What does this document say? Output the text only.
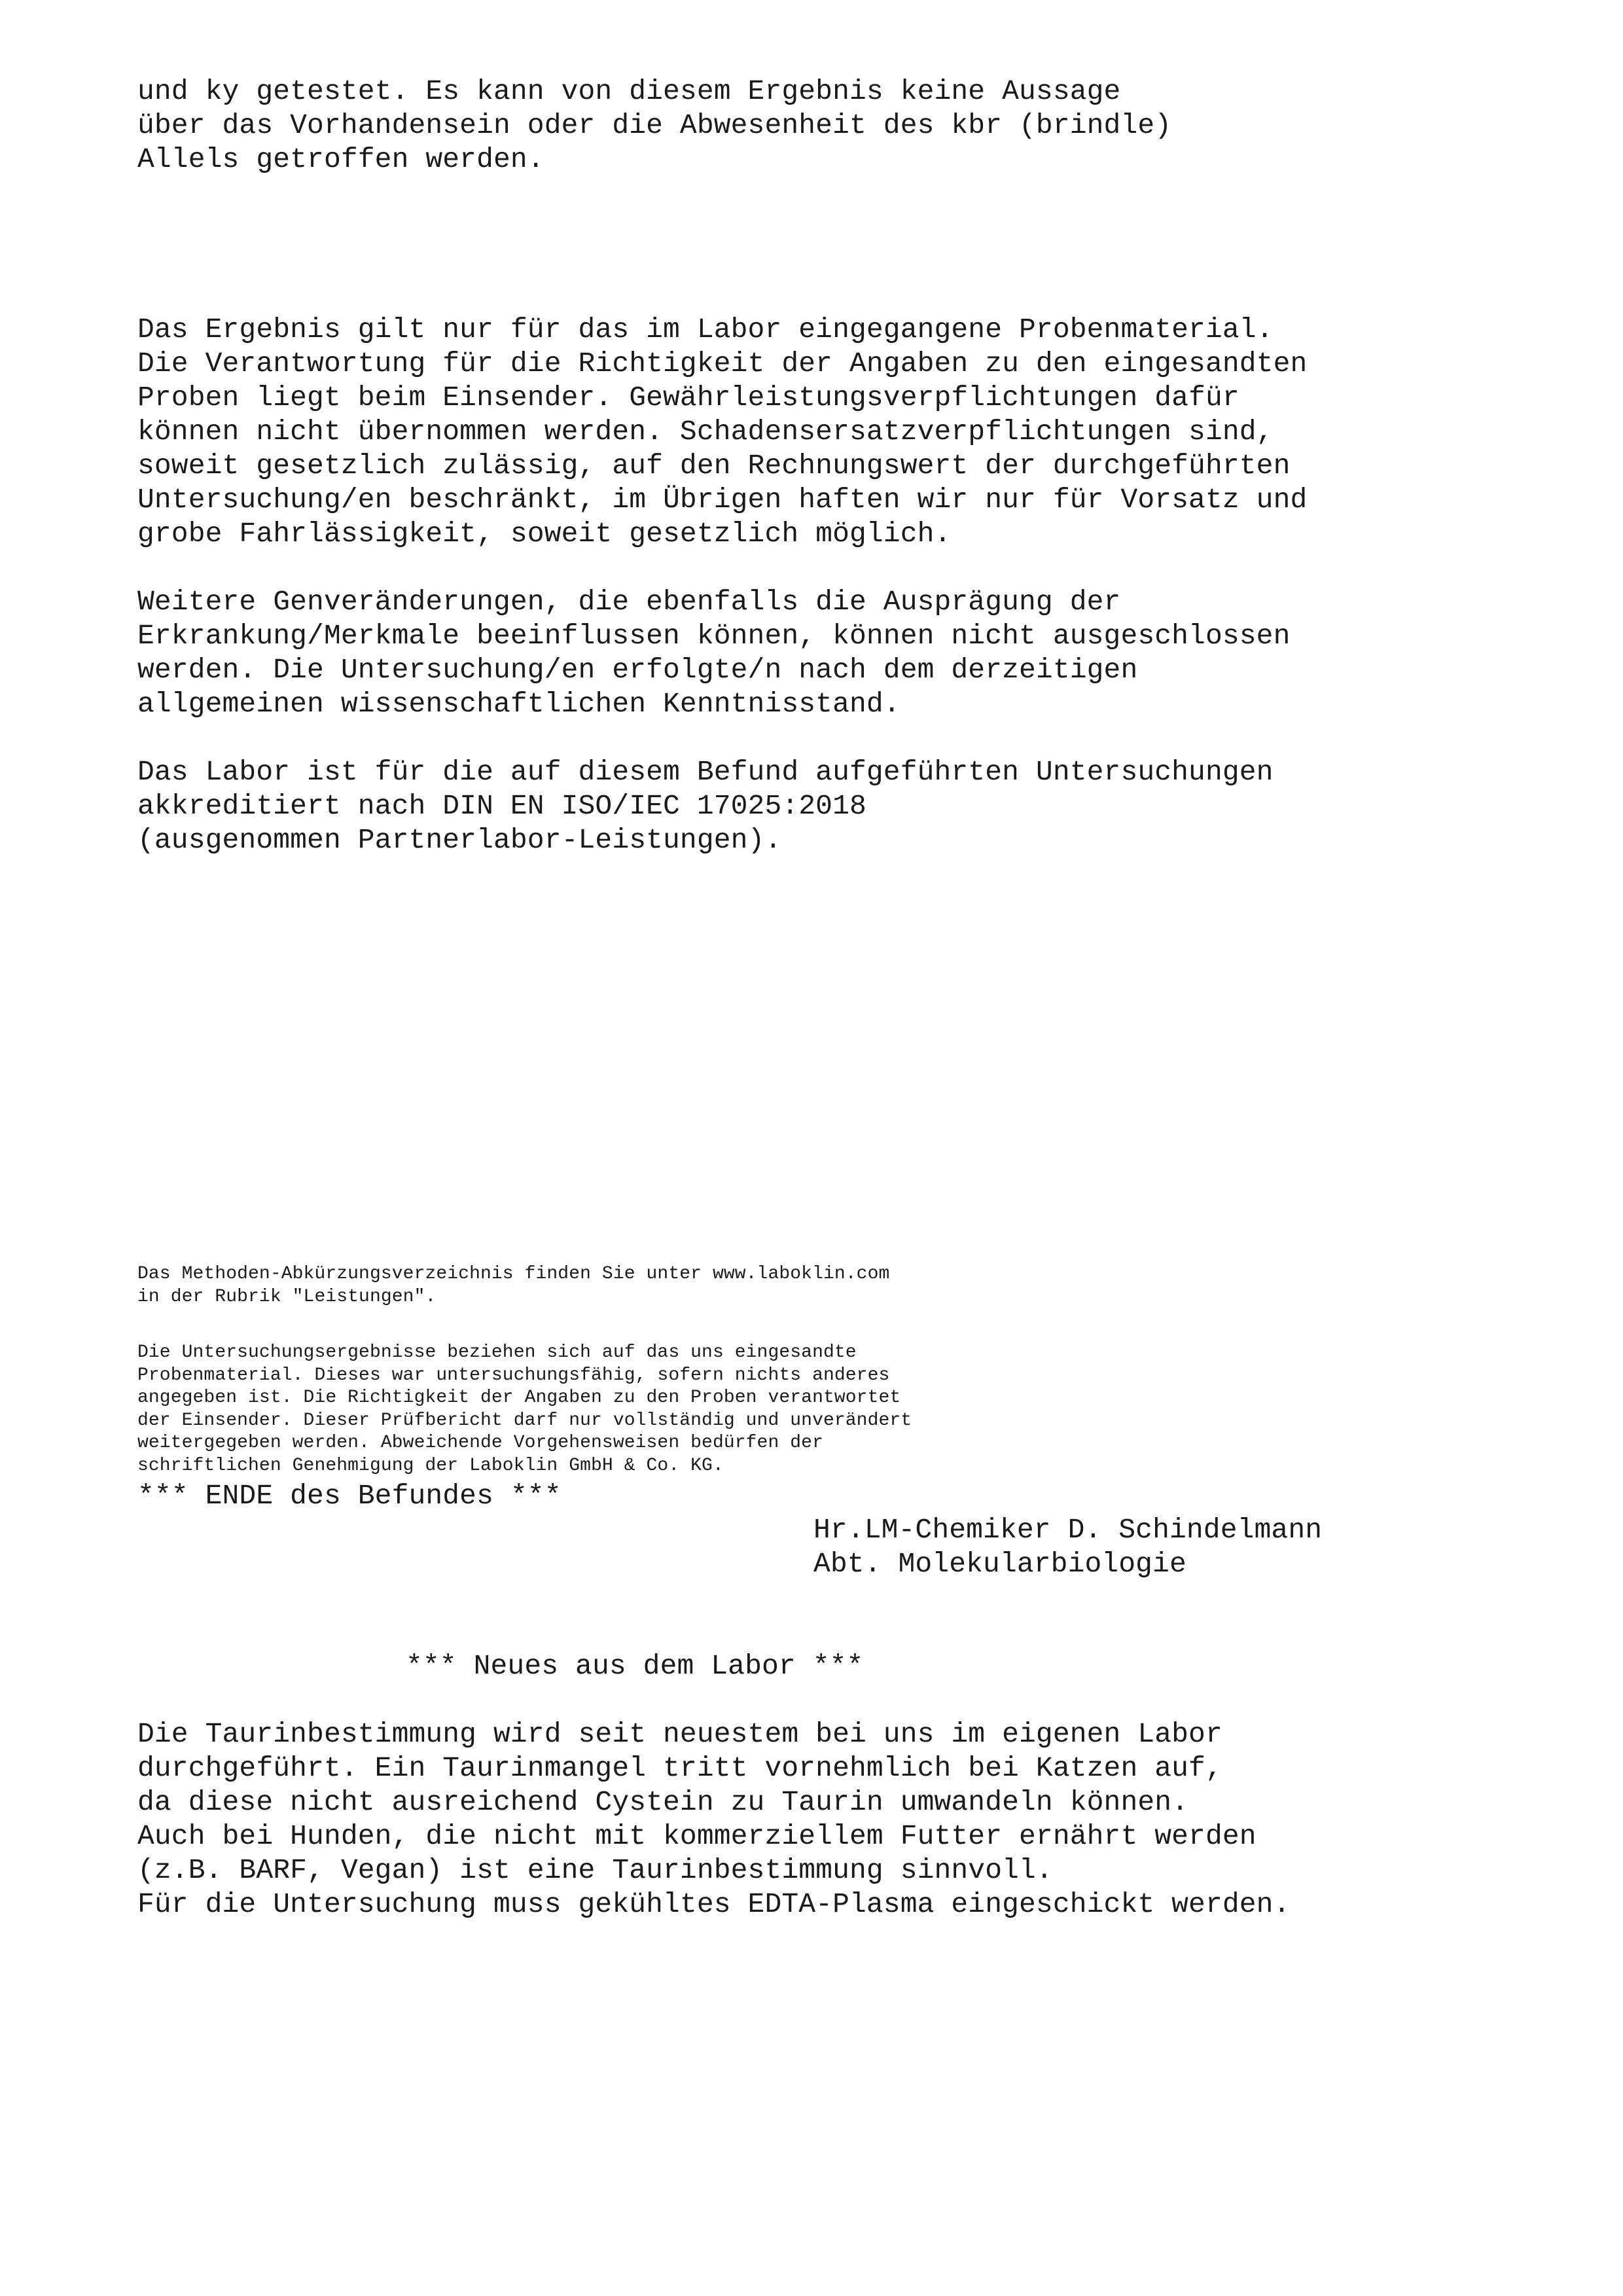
und ky getestet. Es kann von diesem Ergebnis keine Aussage
über das Vorhandensein oder die Abwesenheit des kbr (brindle)
Allels getroffen werden.
Das Ergebnis gilt nur für das im Labor eingegangene Probenmaterial.
Die Verantwortung für die Richtigkeit der Angaben zu den eingesandten
Proben liegt beim Einsender. Gewährleistungsverpflichtungen dafür
können nicht übernommen werden. Schadensersatzverpflichtungen sind,
soweit gesetzlich zulässig, auf den Rechnungswert der durchgeführten
Untersuchung/en beschränkt, im Übrigen haften wir nur für Vorsatz und
grobe Fahrlässigkeit, soweit gesetzlich möglich.
Weitere Genveränderungen, die ebenfalls die Ausprägung der
Erkrankung/Merkmale beeinflussen können, können nicht ausgeschlossen
werden. Die Untersuchung/en erfolgte/n nach dem derzeitigen
allgemeinen wissenschaftlichen Kenntnisstand.
Das Labor ist für die auf diesem Befund aufgeführten Untersuchungen
akkreditiert nach DIN EN ISO/IEC 17025:2018
(ausgenommen Partnerlabor-Leistungen).
Das Methoden-Abkürzungsverzeichnis finden Sie unter www.laboklin.com
in der Rubrik "Leistungen".
Die Untersuchungsergebnisse beziehen sich auf das uns eingesandte
Probenmaterial. Dieses war untersuchungsfähig, sofern nichts anderes
angegeben ist. Die Richtigkeit der Angaben zu den Proben verantwortet
der Einsender. Dieser Prüfbericht darf nur vollständig und unverändert
weitergegeben werden. Abweichende Vorgehensweisen bedürfen der
schriftlichen Genehmigung der Laboklin GmbH & Co. KG.
*** ENDE des Befundes ***
Hr.LM-Chemiker D. Schindelmann
Abt. Molekularbiologie
*** Neues aus dem Labor ***
Die Taurinbestimmung wird seit neuestem bei uns im eigenen Labor
durchgeführt. Ein Taurinmangel tritt vornehmlich bei Katzen auf,
da diese nicht ausreichend Cystein zu Taurin umwandeln können.
Auch bei Hunden, die nicht mit kommerziellem Futter ernährt werden
(z.B. BARF, Vegan) ist eine Taurinbestimmung sinnvoll.
Für die Untersuchung muss gekühltes EDTA-Plasma eingeschickt werden.
